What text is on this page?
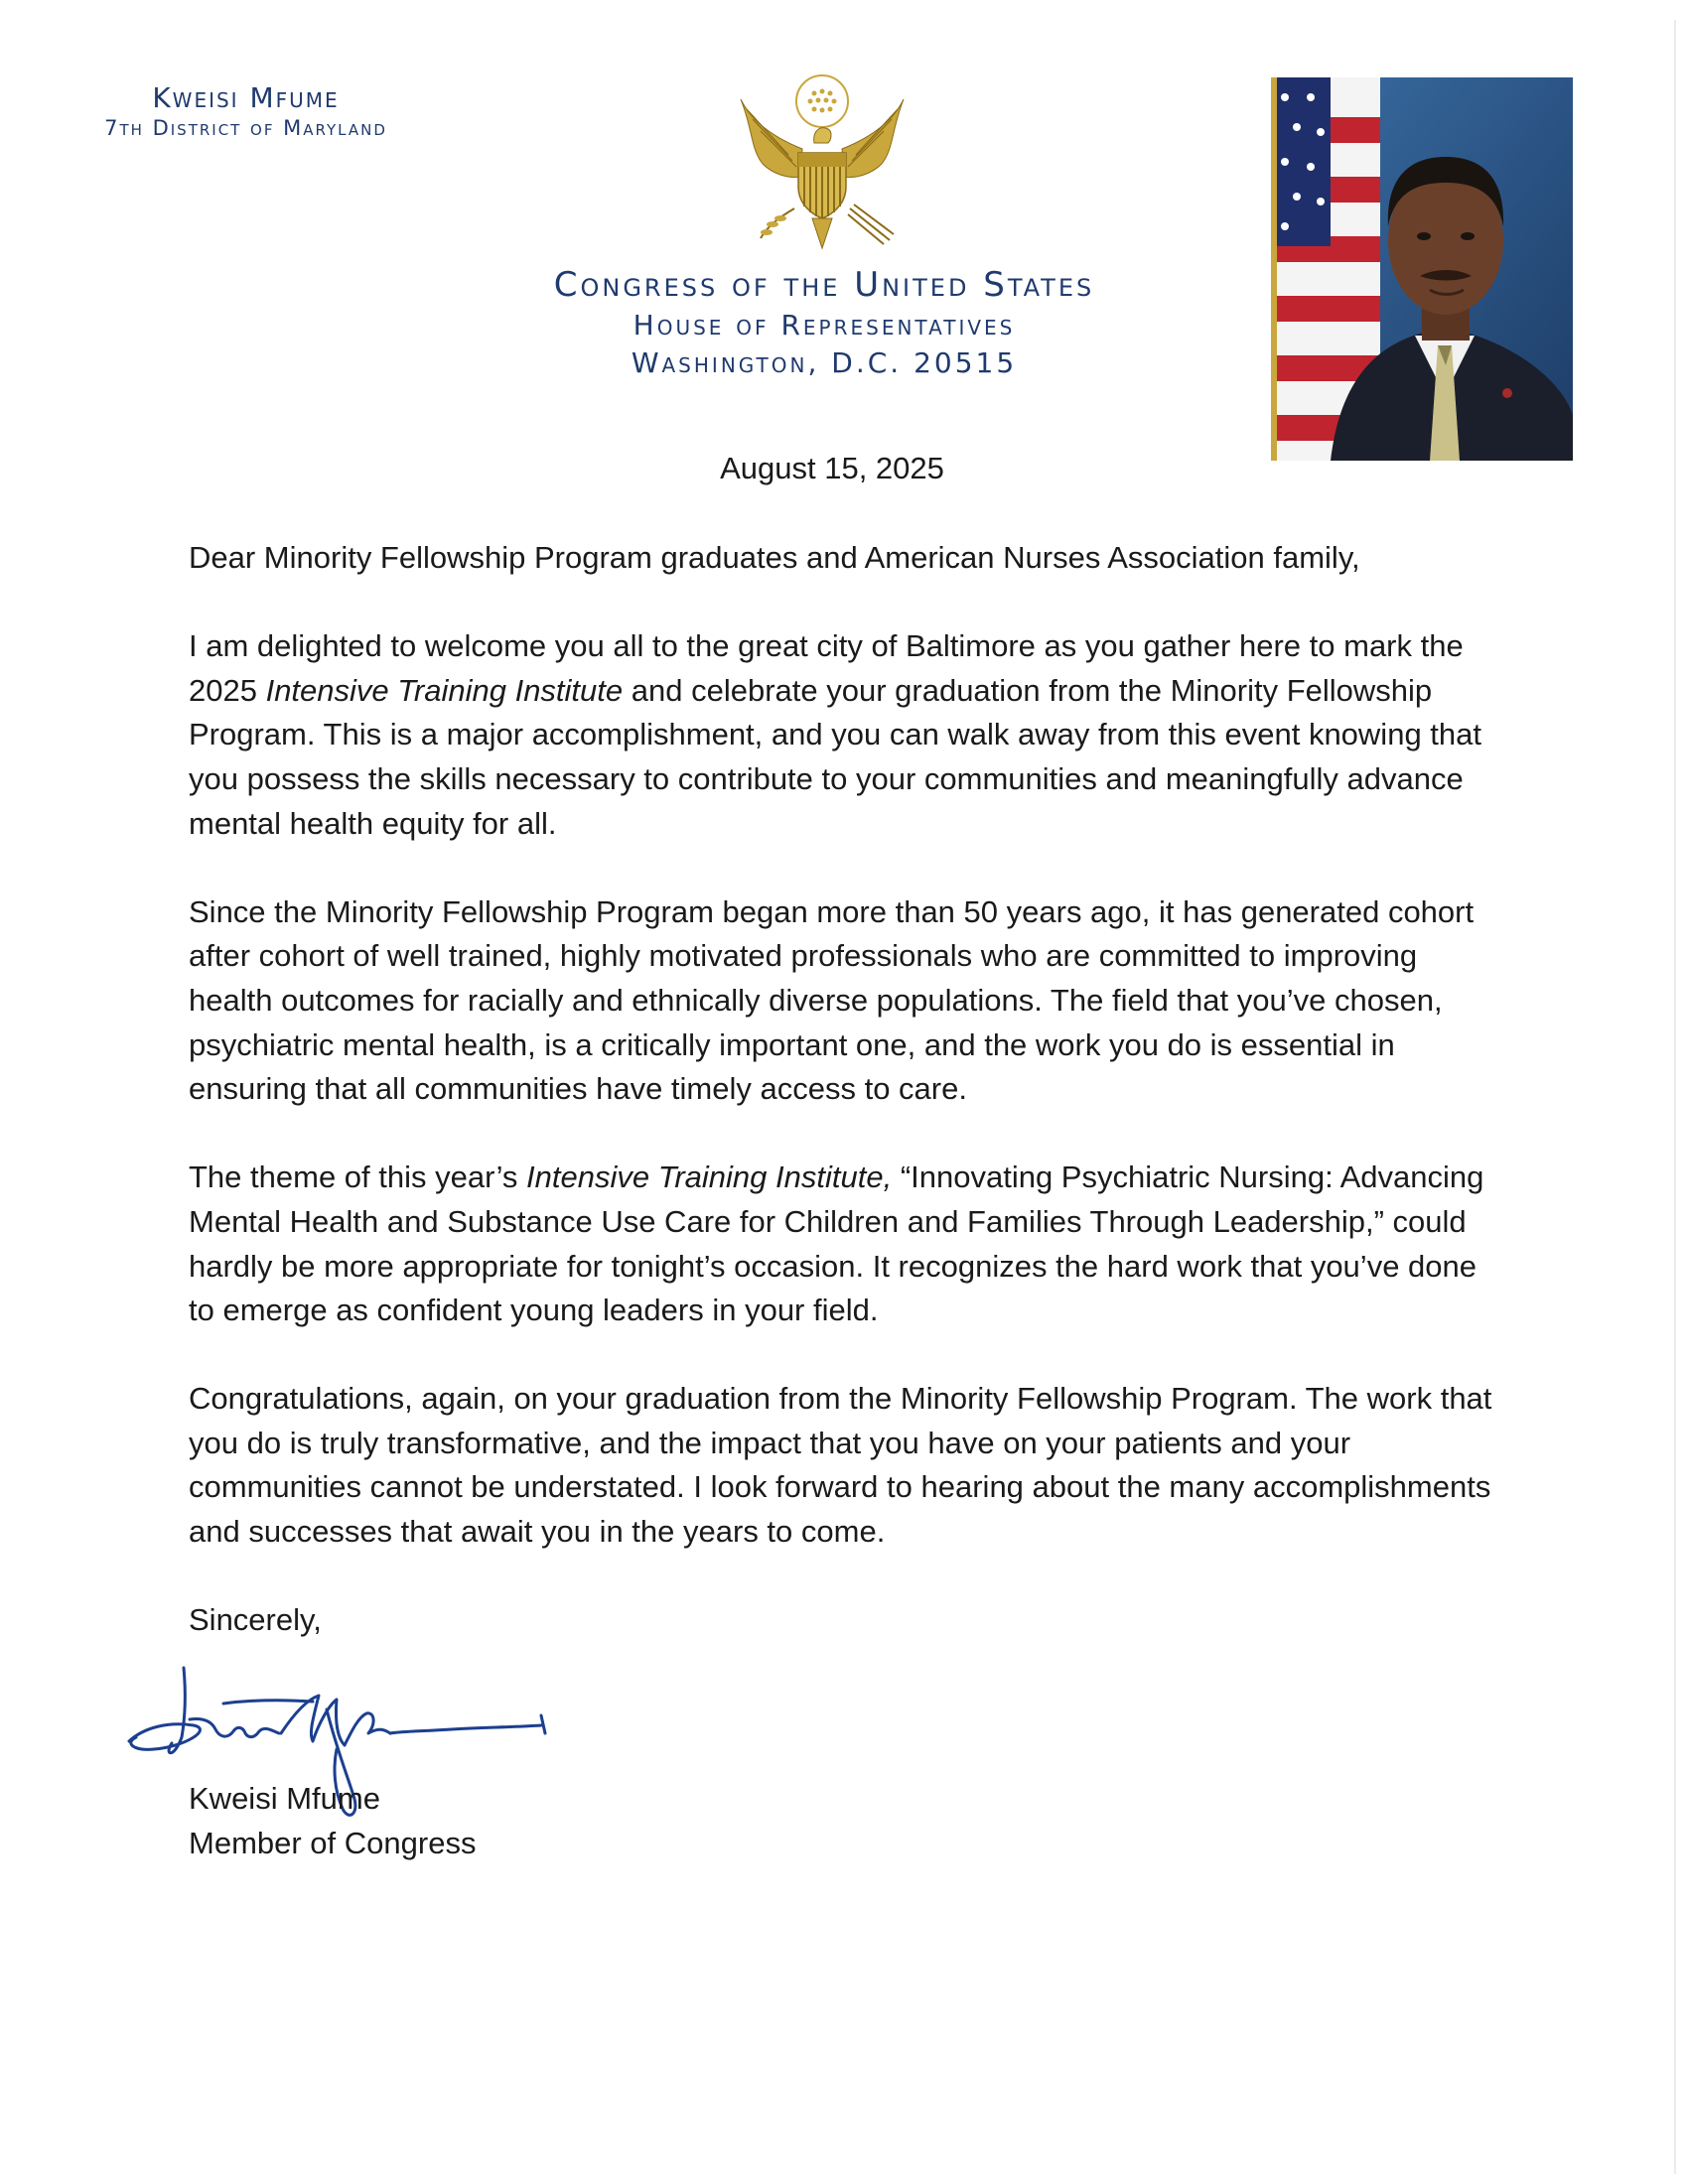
Kweisi Mfume
7th District of Maryland
Congress of the United States
House of Representatives
Washington, D.C. 20515
August 15, 2025

Dear Minority Fellowship Program graduates and American Nurses Association family,

I am delighted to welcome you all to the great city of Baltimore as you gather here to mark the 2025 Intensive Training Institute and celebrate your graduation from the Minority Fellowship Program. This is a major accomplishment, and you can walk away from this event knowing that you possess the skills necessary to contribute to your communities and meaningfully advance mental health equity for all.

Since the Minority Fellowship Program began more than 50 years ago, it has generated cohort after cohort of well trained, highly motivated professionals who are committed to improving health outcomes for racially and ethnically diverse populations. The field that you’ve chosen, psychiatric mental health, is a critically important one, and the work you do is essential in ensuring that all communities have timely access to care.

The theme of this year’s Intensive Training Institute, “Innovating Psychiatric Nursing: Advancing Mental Health and Substance Use Care for Children and Families Through Leadership,” could hardly be more appropriate for tonight’s occasion. It recognizes the hard work that you’ve done to emerge as confident young leaders in your field.

Congratulations, again, on your graduation from the Minority Fellowship Program. The work that you do is truly transformative, and the impact that you have on your patients and your communities cannot be understated. I look forward to hearing about the many accomplishments and successes that await you in the years to come.

Sincerely,

Kweisi Mfume
Member of Congress
